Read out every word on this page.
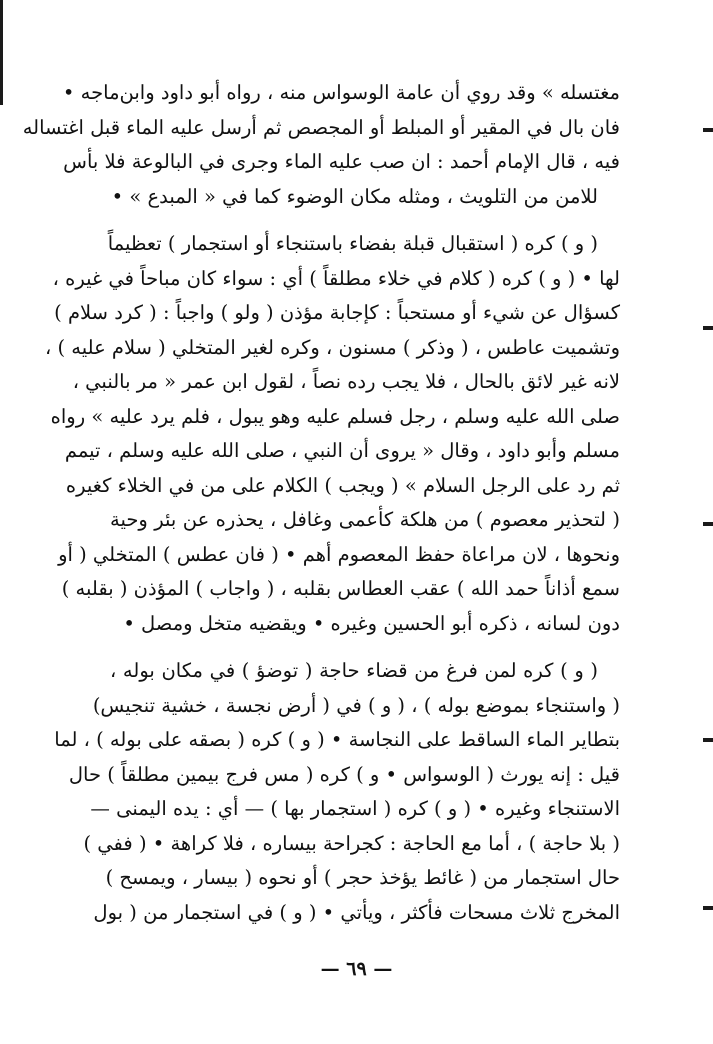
مغتسله » وقد روي أن عامة الوسواس منه ، رواه أبو داود وابن‌ماجه •
فان بال في المقير أو المبلط أو المجصص ثم أرسل عليه الماء قبل اغتساله
فيه ، قال الإمام أحمد : ان صب عليه الماء وجرى في البالوعة فلا بأس
للامن من التلويث ، ومثله مكان الوضوء كما في « المبدع » •
( و ) كره ( استقبال قبلة بفضاء باستنجاء أو استجمار ) تعظيماً
لها • ( و ) كره ( كلام في خلاء مطلقاً ) أي : سواء كان مباحاً في غيره ،
كسؤال عن شيء أو مستحباً : كإجابة مؤذن ( ولو ) واجباً : ( كرد سلام )
وتشميت عاطس ، ( وذكر ) مسنون ، وكره لغير المتخلي ( سلام عليه ) ،
لانه غير لائق بالحال ، فلا يجب رده نصاً ، لقول ابن عمر « مر بالنبي ،
صلى الله عليه وسلم ، رجل فسلم عليه وهو يبول ، فلم يرد عليه » رواه
مسلم وأبو داود ، وقال « يروى أن النبي ، صلى الله عليه وسلم ، تيمم
ثم رد على الرجل السلام » ( ويجب ) الكلام على من في الخلاء كغيره
( لتحذير معصوم ) من هلكة كأعمى وغافل ، يحذره عن بئر وحية
ونحوها ، لان مراعاة حفظ المعصوم أهم • ( فان عطس ) المتخلي ( أو
سمع أذاناً حمد الله ) عقب العطاس بقلبه ، ( واجاب ) المؤذن ( بقلبه )
دون لسانه ، ذكره أبو الحسين وغيره • ويقضيه متخل ومصل •
( و ) كره لمن فرغ من قضاء حاجة ( توضؤ ) في مكان بوله ،
( واستنجاء بموضع بوله ) ، ( و ) في ( أرض نجسة ، خشية تنجيس)
بتطاير الماء الساقط على النجاسة • ( و ) كره ( بصقه على بوله ) ، لما
قيل : إنه يورث ( الوسواس • و ) كره ( مس فرج بيمين مطلقاً ) حال
الاستنجاء وغيره • ( و ) كره ( استجمار بها ) — أي : يده اليمنى —
( بلا حاجة ) ، أما مع الحاجة : كجراحة بيساره ، فلا كراهة • ( ففي )
حال استجمار من ( غائط يؤخذ حجر ) أو نحوه ( بيسار ، ويمسح )
المخرج ثلاث مسحات فأكثر ، ويأتي • ( و ) في استجمار من ( بول
— ٦٩ —
